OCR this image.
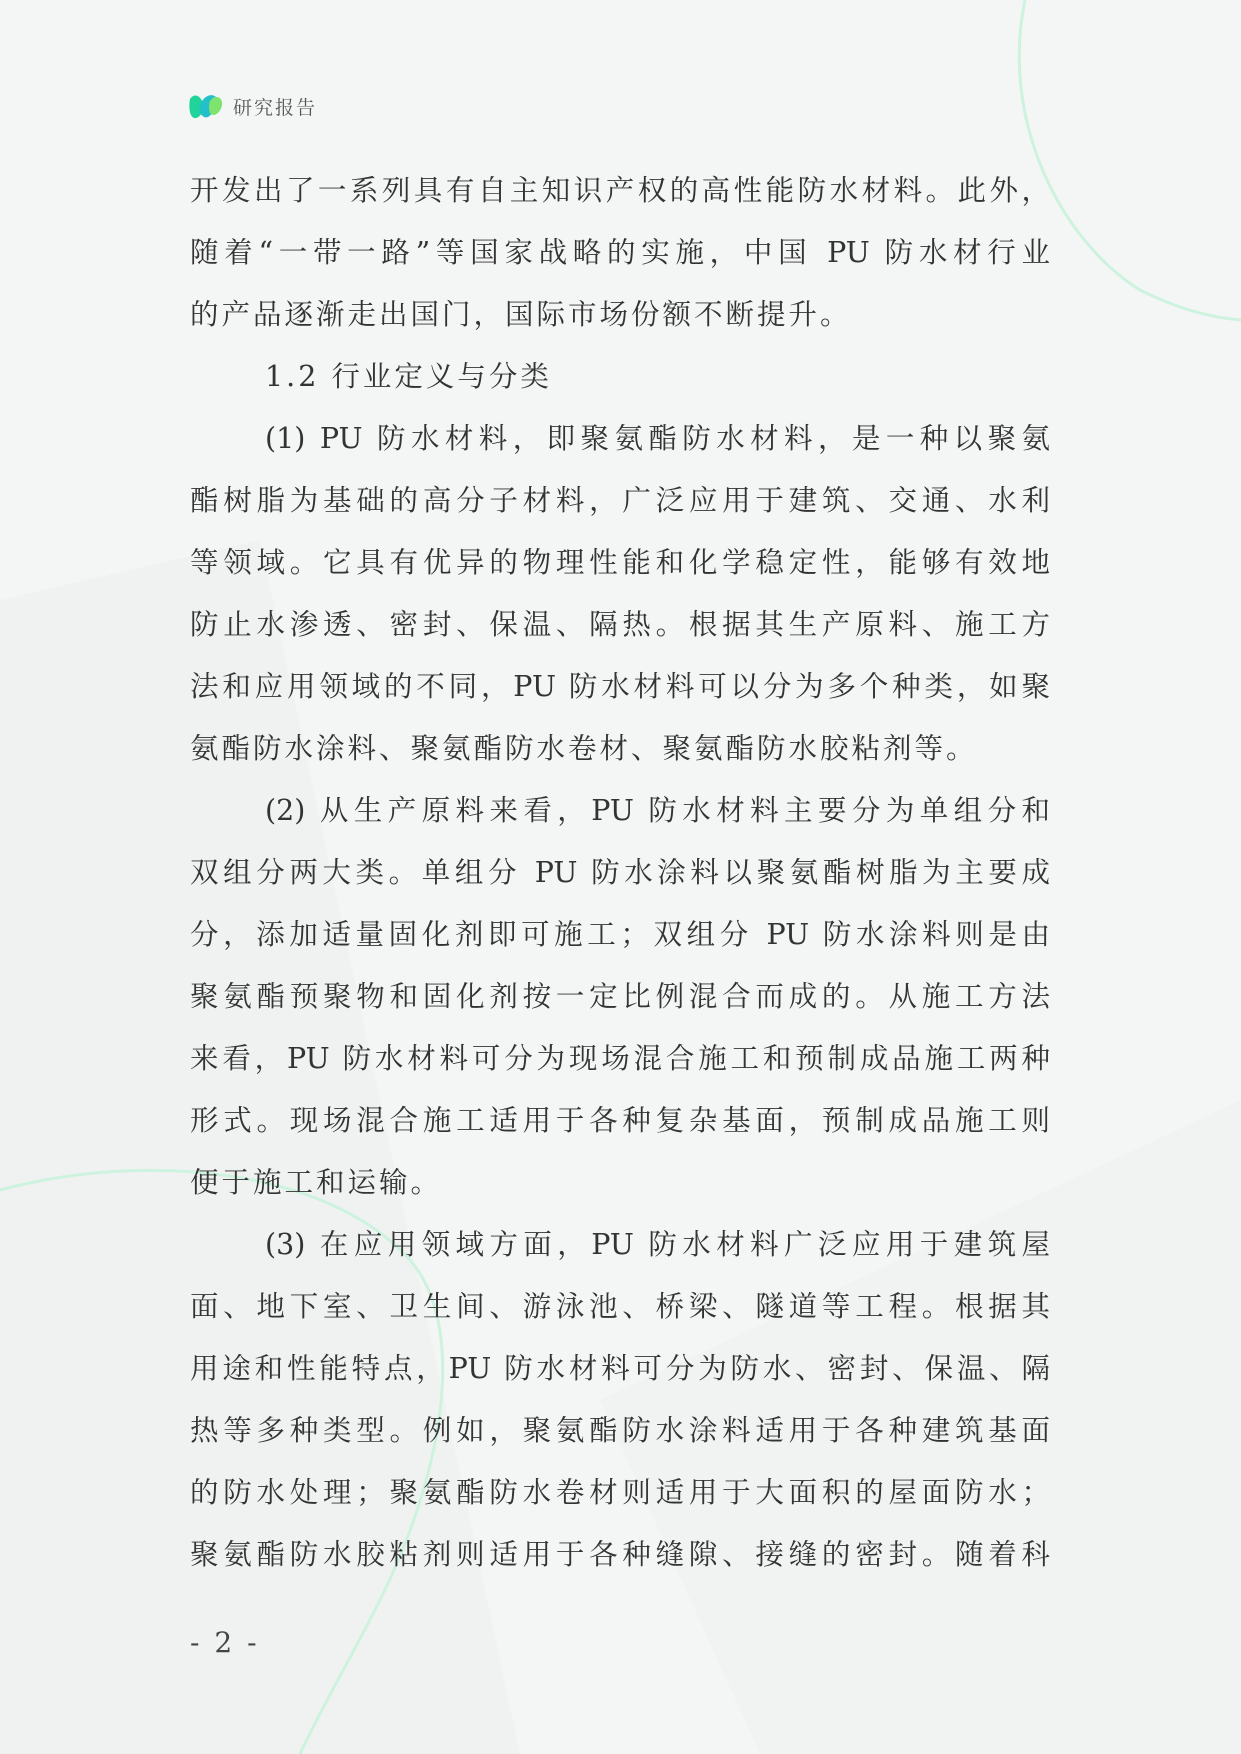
研究报告
开发出了一系列具有自主知识产权的高性能防水材料。此外，
随着“一带一路”等国家战略的实施，中国 PU 防水材行业
的产品逐渐走出国门，国际市场份额不断提升。
1.2 行业定义与分类
(1) PU 防水材料，即聚氨酯防水材料，是一种以聚氨
酯树脂为基础的高分子材料，广泛应用于建筑、交通、水利
等领域。它具有优异的物理性能和化学稳定性，能够有效地
防止水渗透、密封、保温、隔热。根据其生产原料、施工方
法和应用领域的不同，PU 防水材料可以分为多个种类，如聚
氨酯防水涂料、聚氨酯防水卷材、聚氨酯防水胶粘剂等。
(2) 从生产原料来看，PU 防水材料主要分为单组分和
双组分两大类。单组分 PU 防水涂料以聚氨酯树脂为主要成
分，添加适量固化剂即可施工；双组分 PU 防水涂料则是由
聚氨酯预聚物和固化剂按一定比例混合而成的。从施工方法
来看，PU 防水材料可分为现场混合施工和预制成品施工两种
形式。现场混合施工适用于各种复杂基面，预制成品施工则
便于施工和运输。
(3) 在应用领域方面，PU 防水材料广泛应用于建筑屋
面、地下室、卫生间、游泳池、桥梁、隧道等工程。根据其
用途和性能特点，PU 防水材料可分为防水、密封、保温、隔
热等多种类型。例如，聚氨酯防水涂料适用于各种建筑基面
的防水处理；聚氨酯防水卷材则适用于大面积的屋面防水；
聚氨酯防水胶粘剂则适用于各种缝隙、接缝的密封。随着科
- 2 -
